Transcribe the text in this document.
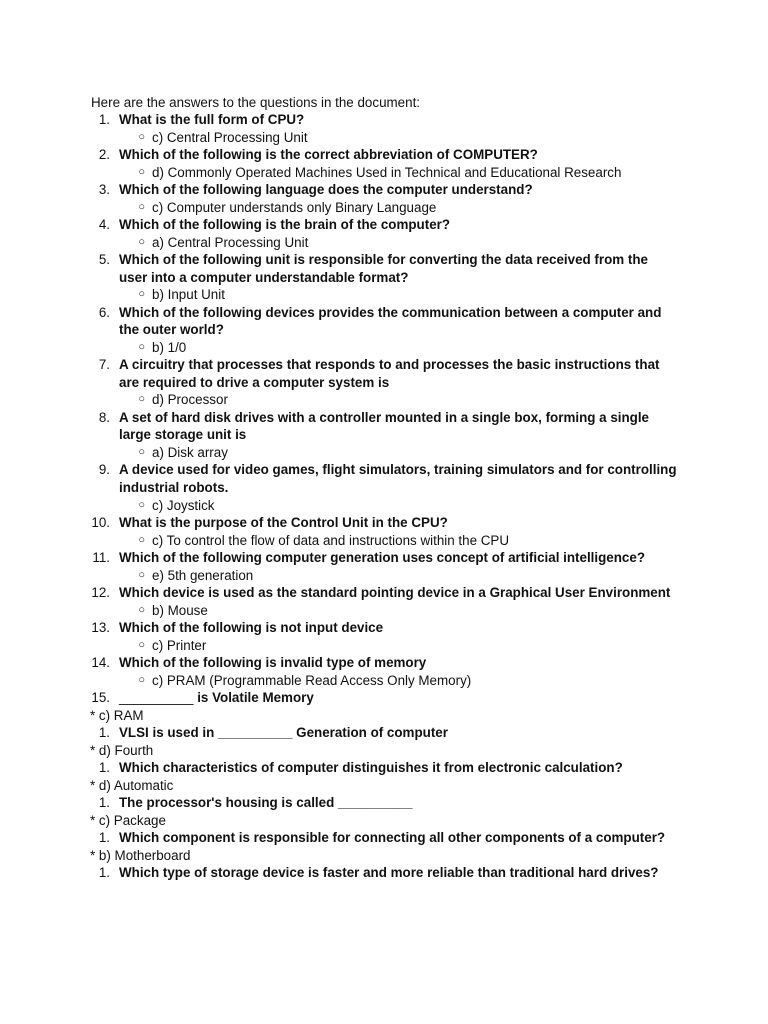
Here are the answers to the questions in the document:
1. What is the full form of CPU?
○ c) Central Processing Unit
2. Which of the following is the correct abbreviation of COMPUTER?
○ d) Commonly Operated Machines Used in Technical and Educational Research
3. Which of the following language does the computer understand?
○ c) Computer understands only Binary Language
4. Which of the following is the brain of the computer?
○ a) Central Processing Unit
5. Which of the following unit is responsible for converting the data received from the user into a computer understandable format?
○ b) Input Unit
6. Which of the following devices provides the communication between a computer and the outer world?
○ b) 1/0
7. A circuitry that processes that responds to and processes the basic instructions that are required to drive a computer system is
○ d) Processor
8. A set of hard disk drives with a controller mounted in a single box, forming a single large storage unit is
○ a) Disk array
9. A device used for video games, flight simulators, training simulators and for controlling industrial robots.
○ c) Joystick
10. What is the purpose of the Control Unit in the CPU?
○ c) To control the flow of data and instructions within the CPU
11. Which of the following computer generation uses concept of artificial intelligence?
○ e) 5th generation
12. Which device is used as the standard pointing device in a Graphical User Environment
○ b) Mouse
13. Which of the following is not input device
○ c) Printer
14. Which of the following is invalid type of memory
○ c) PRAM (Programmable Read Access Only Memory)
15. __________ is Volatile Memory
* c) RAM
1. VLSI is used in __________ Generation of computer
* d) Fourth
1. Which characteristics of computer distinguishes it from electronic calculation?
* d) Automatic
1. The processor's housing is called __________
* c) Package
1. Which component is responsible for connecting all other components of a computer?
* b) Motherboard
1. Which type of storage device is faster and more reliable than traditional hard drives?
